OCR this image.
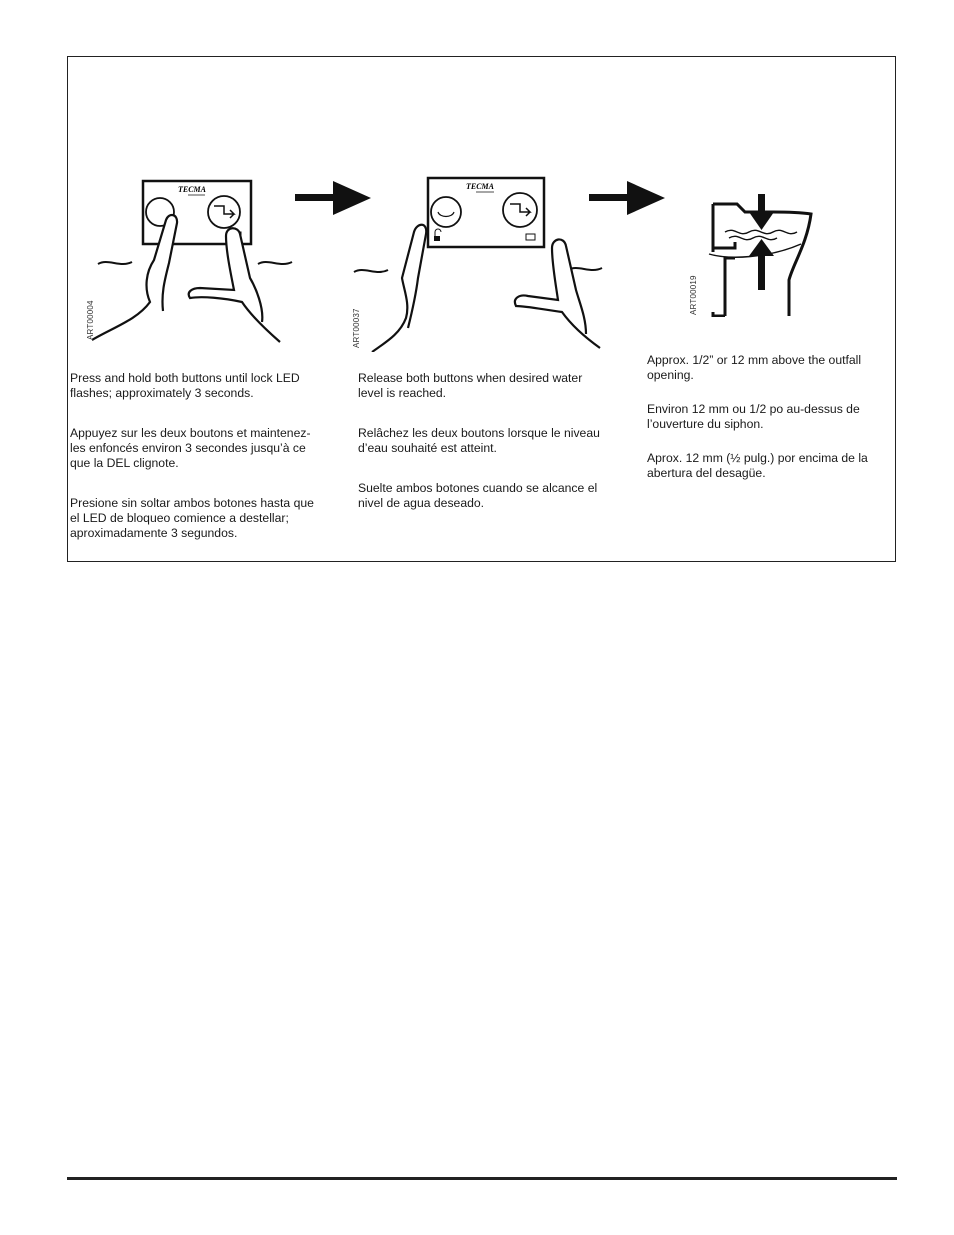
TECMA
ART00004
TECMA
ART00037
ART00019

Press and hold both buttons until lock LED flashes; approximately 3 seconds.

Appuyez sur les deux boutons et maintenez-les enfoncés environ 3 secondes jusqu’à ce que la DEL clignote.

Presione sin soltar ambos botones hasta que el LED de bloqueo comience a destellar; aproximadamente 3 segundos.

Release both buttons when desired water level is reached.

Relâchez les deux boutons lorsque le niveau d’eau souhaité est atteint.

Suelte ambos botones cuando se alcance el nivel de agua deseado.

Approx. 1/2” or 12 mm above the outfall opening.

Environ 12 mm ou 1/2 po au-dessus de l’ouverture du siphon.

Aprox. 12 mm (½ pulg.) por encima de la abertura del desagüe.
